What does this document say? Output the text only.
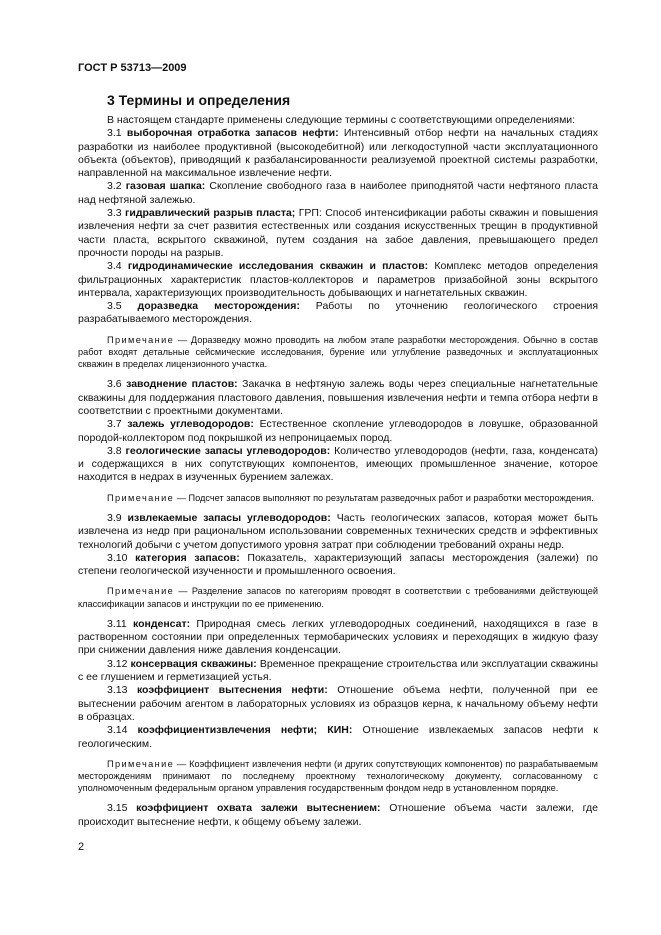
ГОСТ Р 53713—2009
3 Термины и определения

В настоящем стандарте применены следующие термины с соответствующими определениями:

3.1 выборочная отработка запасов нефти: Интенсивный отбор нефти на начальных стадиях разработки из наиболее продуктивной (высокодебитной) или легкодоступной части эксплуатационного объекта (объектов), приводящий к разбалансированности реализуемой проектной системы разработки, направленной на максимальное извлечение нефти.

3.2 газовая шапка: Скопление свободного газа в наиболее приподнятой части нефтяного пласта над нефтяной залежью.

3.3 гидравлический разрыв пласта; ГРП: Способ интенсификации работы скважин и повышения извлечения нефти за счет развития естественных или создания искусственных трещин в продуктивной части пласта, вскрытого скважиной, путем создания на забое давления, превышающего предел прочности породы на разрыв.

3.4 гидродинамические исследования скважин и пластов: Комплекс методов определения фильтрационных характеристик пластов-коллекторов и параметров призабойной зоны вскрытого интервала, характеризующих производительность добывающих и нагнетательных скважин.

3.5 доразведка месторождения: Работы по уточнению геологического строения разрабатываемого месторождения.

Примечание — Доразведку можно проводить на любом этапе разработки месторождения. Обычно в состав работ входят детальные сейсмические исследования, бурение или углубление разведочных и эксплуатационных скважин в пределах лицензионного участка.

3.6 заводнение пластов: Закачка в нефтяную залежь воды через специальные нагнетательные скважины для поддержания пластового давления, повышения извлечения нефти и темпа отбора нефти в соответствии с проектными документами.

3.7 залежь углеводородов: Естественное скопление углеводородов в ловушке, образованной породой-коллектором под покрышкой из непроницаемых пород.

3.8 геологические запасы углеводородов: Количество углеводородов (нефти, газа, конденсата) и содержащихся в них сопутствующих компонентов, имеющих промышленное значение, которое находится в недрах в изученных бурением залежах.

Примечание — Подсчет запасов выполняют по результатам разведочных работ и разработки месторождения.

3.9 извлекаемые запасы углеводородов: Часть геологических запасов, которая может быть извлечена из недр при рациональном использовании современных технических средств и эффективных технологий добычи с учетом допустимого уровня затрат при соблюдении требований охраны недр.

3.10 категория запасов: Показатель, характеризующий запасы месторождения (залежи) по степени геологической изученности и промышленного освоения.

Примечание — Разделение запасов по категориям проводят в соответствии с требованиями действующей классификации запасов и инструкции по ее применению.

3.11 конденсат: Природная смесь легких углеводородных соединений, находящихся в газе в растворенном состоянии при определенных термобарических условиях и переходящих в жидкую фазу при снижении давления ниже давления конденсации.

3.12 консервация скважины: Временное прекращение строительства или эксплуатации скважины с ее глушением и герметизацией устья.

3.13 коэффициент вытеснения нефти: Отношение объема нефти, полученной при ее вытеснении рабочим агентом в лабораторных условиях из образцов керна, к начальному объему нефти в образцах.

3.14 коэффициентизвлечения нефти; КИН: Отношение извлекаемых запасов нефти к геологическим.

Примечание — Коэффициент извлечения нефти (и других сопутствующих компонентов) по разрабатываемым месторождениям принимают по последнему проектному технологическому документу, согласованному с уполномоченным федеральным органом управления государственным фондом недр в установленном порядке.

3.15 коэффициент охвата залежи вытеснением: Отношение объема части залежи, где происходит вытеснение нефти, к общему объему залежи.

2
